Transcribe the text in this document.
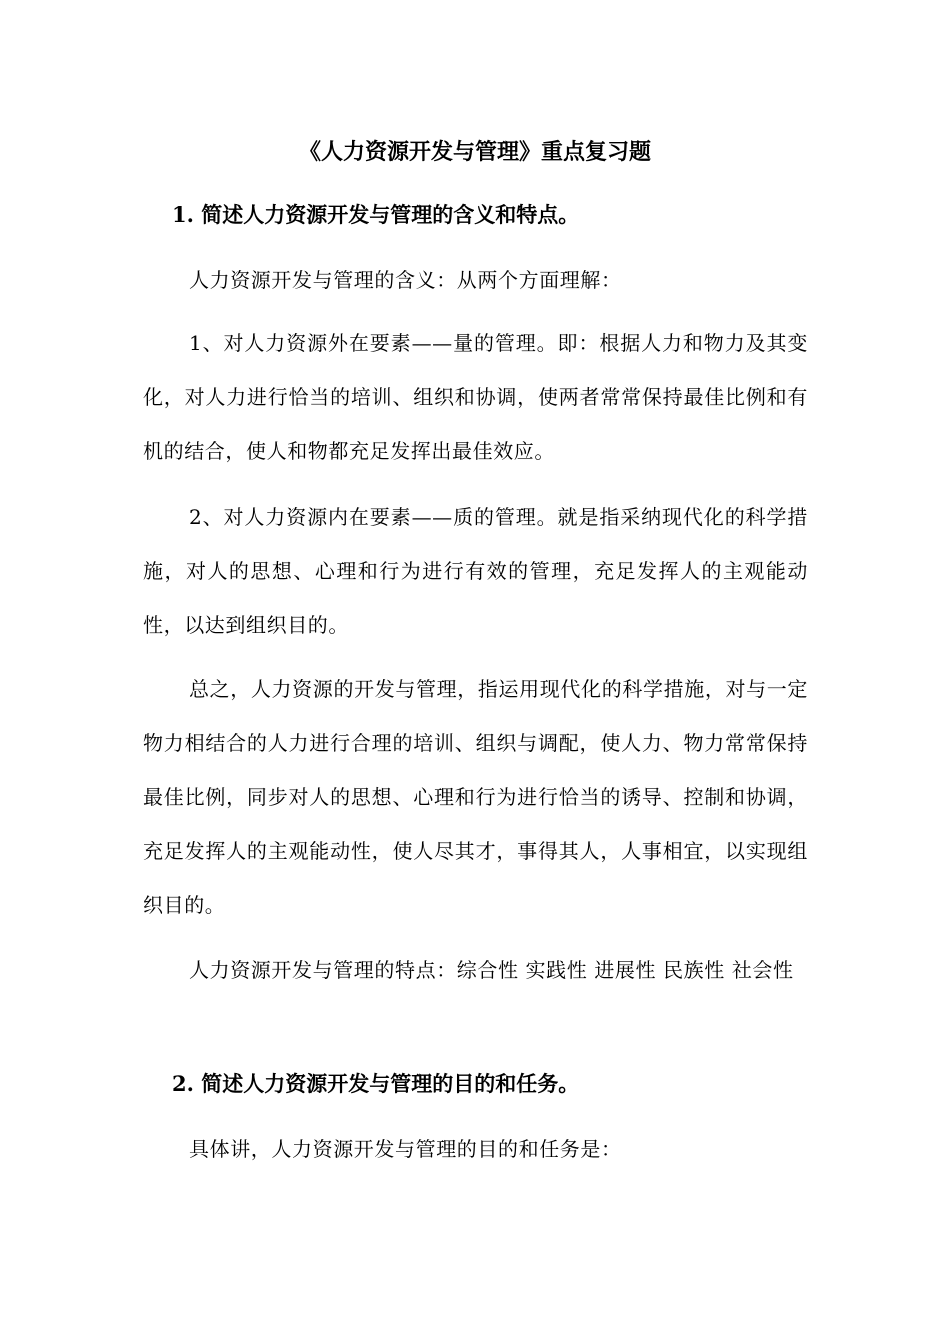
《人力资源开发与管理》重点复习题
1. 简述人力资源开发与管理的含义和特点。
人力资源开发与管理的含义：从两个方面理解：
1、对人力资源外在要素——量的管理。即：根据人力和物力及其变化，对人力进行恰当的培训、组织和协调，使两者常常保持最佳比例和有机的结合，使人和物都充足发挥出最佳效应。
2、对人力资源内在要素——质的管理。就是指采纳现代化的科学措施，对人的思想、心理和行为进行有效的管理，充足发挥人的主观能动性，以达到组织目的。
总之，人力资源的开发与管理，指运用现代化的科学措施，对与一定物力相结合的人力进行合理的培训、组织与调配，使人力、物力常常保持最佳比例，同步对人的思想、心理和行为进行恰当的诱导、控制和协调，充足发挥人的主观能动性，使人尽其才，事得其人，人事相宜，以实现组织目的。
人力资源开发与管理的特点：综合性 实践性 进展性 民族性 社会性
2. 简述人力资源开发与管理的目的和任务。
具体讲，人力资源开发与管理的目的和任务是：
